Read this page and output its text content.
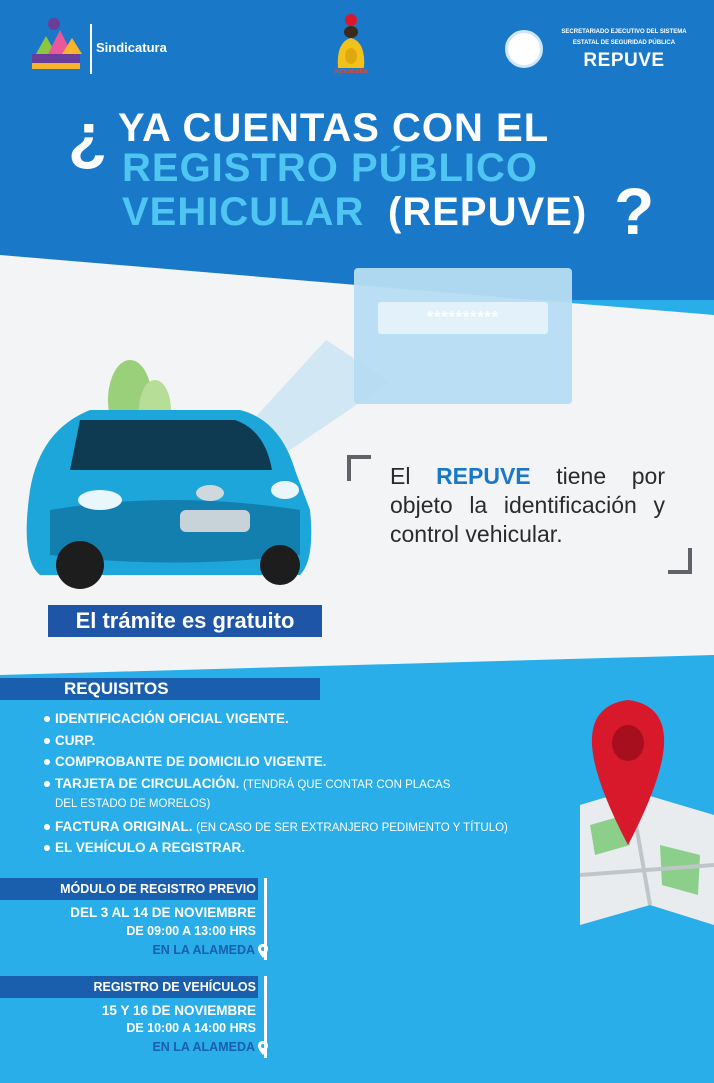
Sindicatura
Xoxocotla
SECRETARIADO EJECUTIVO DEL SISTEMA
ESTATAL DE SEGURIDAD PÚBLICA
REPUVE
¿ YA CUENTAS CON EL
REGISTRO PÚBLICO
VEHICULAR (REPUVE) ?
**********
El REPUVE tiene por objeto la identificación y control vehicular.
El trámite es gratuito
REQUISITOS
IDENTIFICACIÓN OFICIAL VIGENTE.
CURP.
COMPROBANTE DE DOMICILIO VIGENTE.
TARJETA DE CIRCULACIÓN. (TENDRÁ QUE CONTAR CON PLACAS
DEL ESTADO DE MORELOS)
FACTURA ORIGINAL. (EN CASO DE SER EXTRANJERO PEDIMENTO Y TÍTULO)
EL VEHÍCULO A REGISTRAR.
MÓDULO DE REGISTRO PREVIO
DEL 3 AL 14 DE NOVIEMBRE
DE 09:00 A 13:00 HRS
EN LA ALAMEDA
REGISTRO DE VEHÍCULOS
15 Y 16 DE NOVIEMBRE
DE 10:00 A 14:00 HRS
EN LA ALAMEDA
